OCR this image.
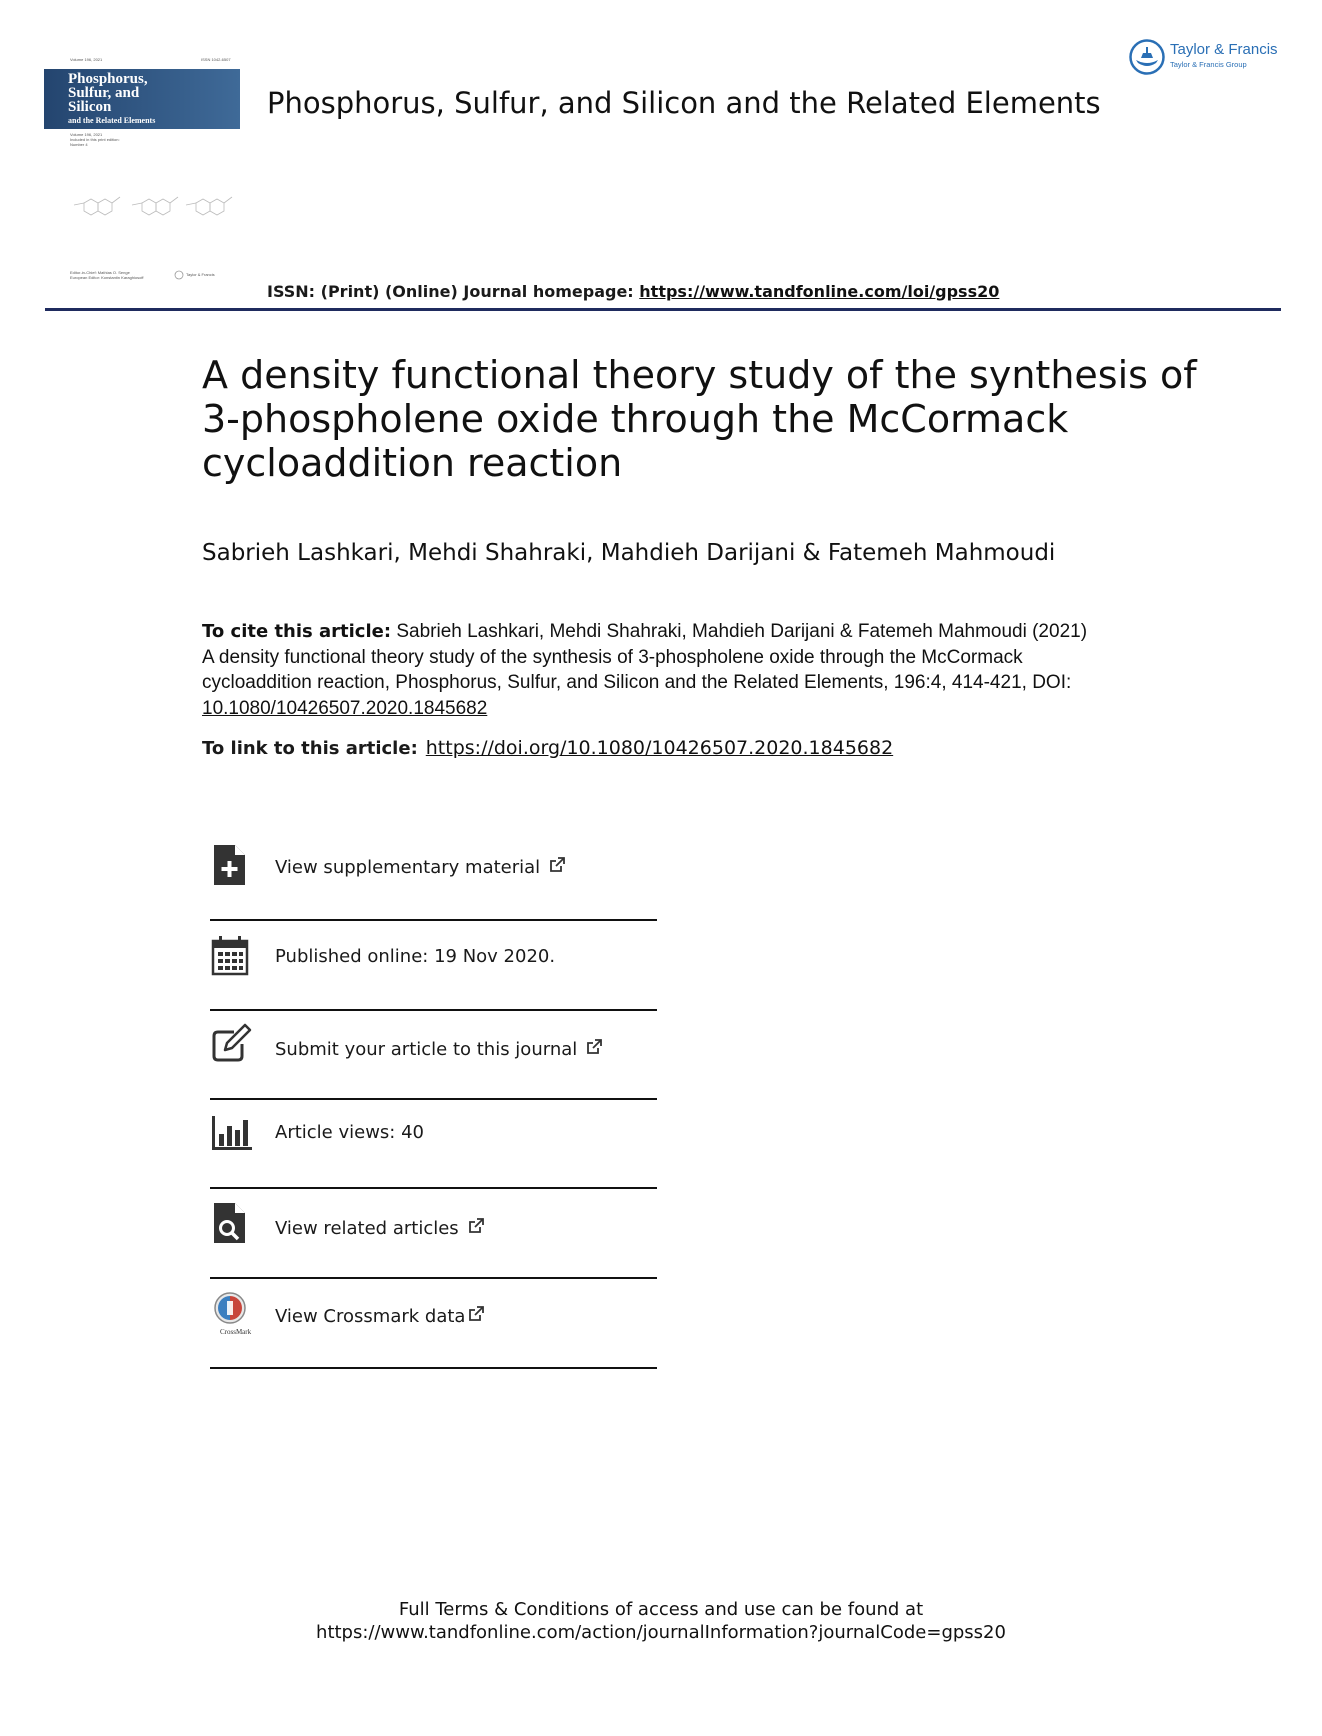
Volume 196, 2021	ISSN 1042-6507
Phosphorus,
Sulfur, and
Silicon
and the Related Elements
Volume 196, 2021
Included in this print edition:
Number 4
Editor-in-Chief: Mathias O. Senge
European Editor: Konstantin Karaghiosoff
Taylor & Francis
Phosphorus, Sulfur, and Silicon and the Related Elements
Taylor & Francis
Taylor & Francis Group
ISSN: (Print) (Online) Journal homepage: https://www.tandfonline.com/loi/gpss20
A density functional theory study of the synthesis of 3-phospholene oxide through the McCormack cycloaddition reaction
Sabrieh Lashkari, Mehdi Shahraki, Mahdieh Darijani & Fatemeh Mahmoudi
To cite this article: Sabrieh Lashkari, Mehdi Shahraki, Mahdieh Darijani & Fatemeh Mahmoudi (2021) A density functional theory study of the synthesis of 3-phospholene oxide through the McCormack cycloaddition reaction, Phosphorus, Sulfur, and Silicon and the Related Elements, 196:4, 414-421, DOI: 10.1080/10426507.2020.1845682
To link to this article: https://doi.org/10.1080/10426507.2020.1845682
View supplementary material
Published online: 19 Nov 2020.
Submit your article to this journal
Article views: 40
View related articles
CrossMark
View Crossmark data
Full Terms & Conditions of access and use can be found at
https://www.tandfonline.com/action/journalInformation?journalCode=gpss20
